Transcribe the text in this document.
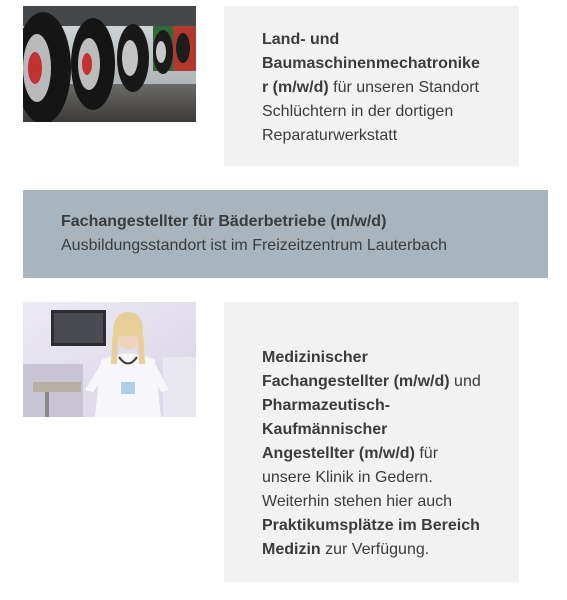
Land- und
Baumaschinenmechatronike
r (m/w/d) für unseren Standort
Schlüchtern in der dortigen
Reparaturwerkstatt
Fachangestellter für Bäderbetriebe (m/w/d)
Ausbildungsstandort ist im Freizeitzentrum Lauterbach
Medizinischer
Fachangestellter (m/w/d) und
Pharmazeutisch-
Kaufmännischer
Angestellter (m/w/d) für
unsere Klinik in Gedern.
Weiterhin stehen hier auch
Praktikumsplätze im Bereich
Medizin zur Verfügung.
